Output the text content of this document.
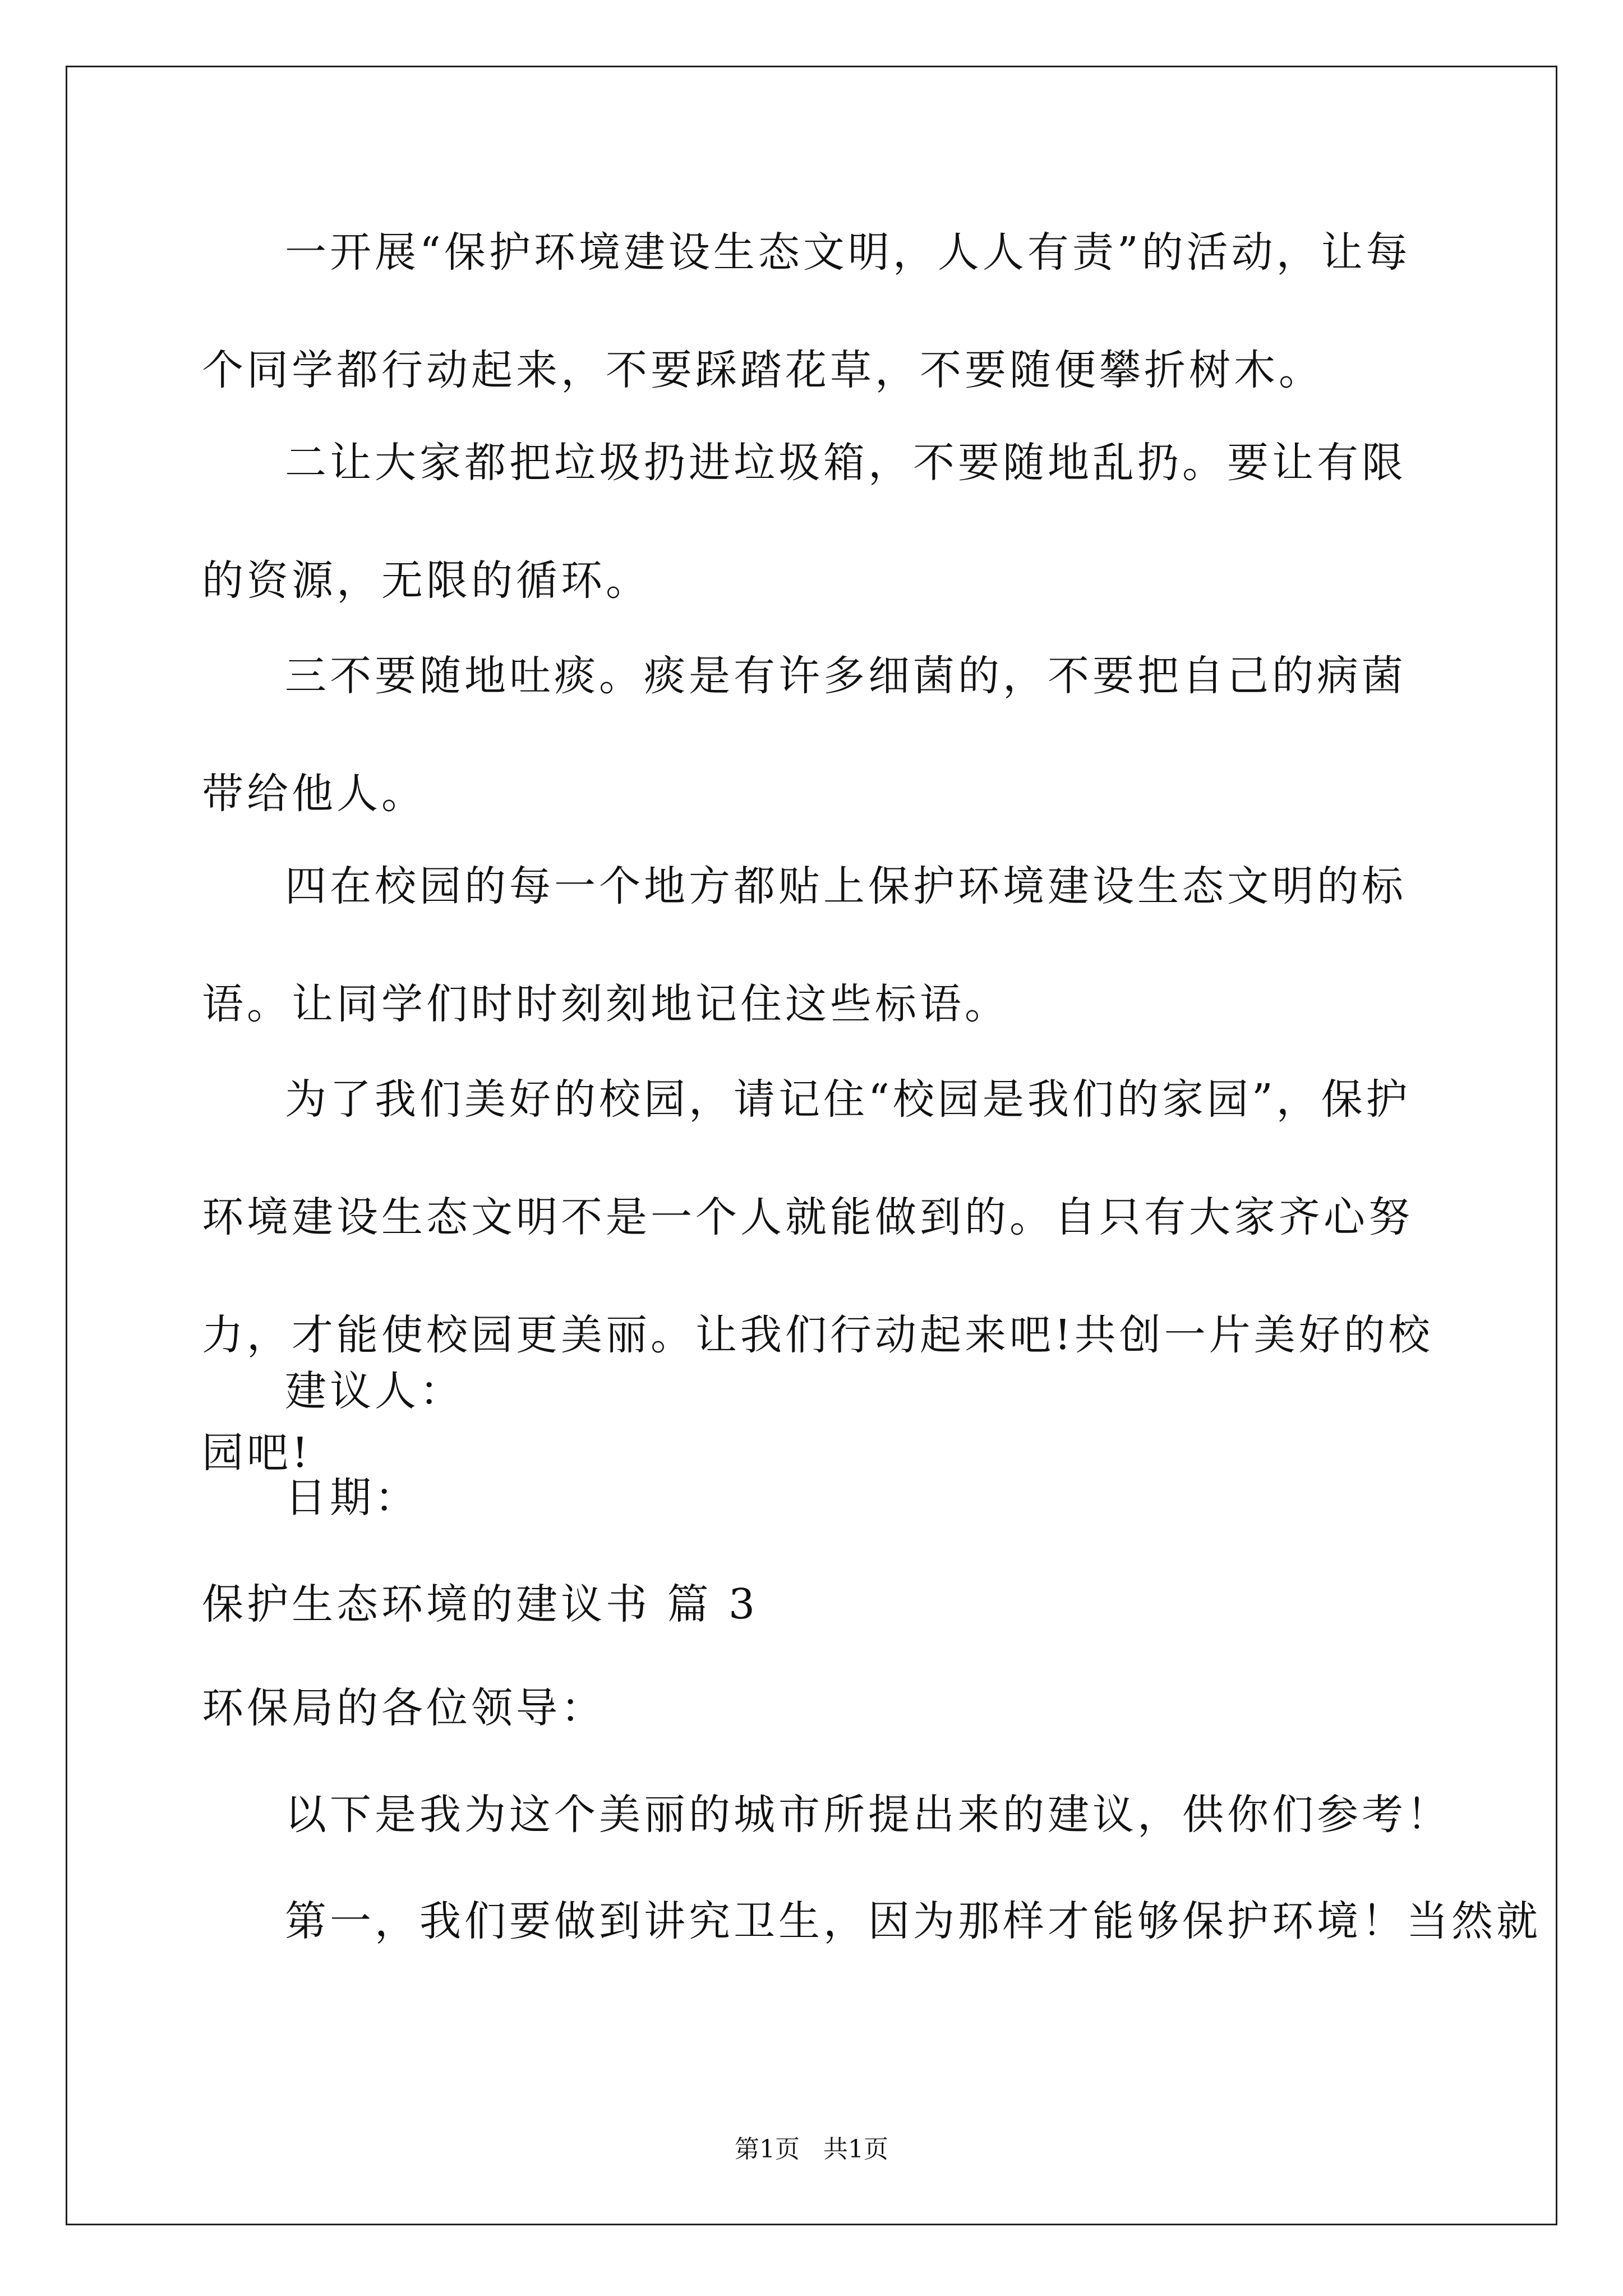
一开展“保护环境建设生态文明，人人有责”的活动，让每个同学都行动起来，不要踩踏花草，不要随便攀折树木。

二让大家都把垃圾扔进垃圾箱，不要随地乱扔。要让有限的资源，无限的循环。

三不要随地吐痰。痰是有许多细菌的，不要把自己的病菌带给他人。

四在校园的每一个地方都贴上保护环境建设生态文明的标语。让同学们时时刻刻地记住这些标语。

为了我们美好的校园，请记住“校园是我们的家园”，保护环境建设生态文明不是一个人就能做到的。自只有大家齐心努力，才能使校园更美丽。让我们行动起来吧!共创一片美好的校园吧!

建议人：

日期：

保护生态环境的建议书 篇 3

环保局的各位领导：

以下是我为这个美丽的城市所提出来的建议，供你们参考！

第一，我们要做到讲究卫生，因为那样才能够保护环境！当然就

第1页   共1页
